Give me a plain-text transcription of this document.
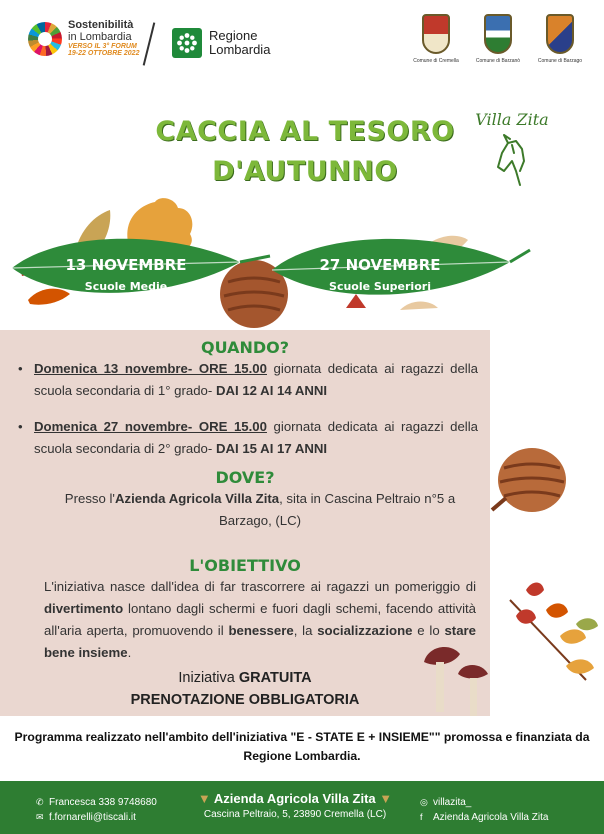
Sostenibilità
in Lombardia
VERSO IL 3° FORUM
19-22 OTTOBRE 2022
Regione
Lombardia
Comune di Cremella	Comune di Barzanò	Comune di Barzago
CACCIA AL TESORO
D'AUTUNNO
Villa Zita
13 NOVEMBRE
Scuole Medie
27 NOVEMBRE
Scuole Superiori
QUANDO?
• Domenica 13 novembre- ORE 15.00 giornata dedicata ai ragazzi della scuola secondaria di 1° grado- DAI 12 AI 14 ANNI
• Domenica 27 novembre- ORE 15.00 giornata dedicata ai ragazzi della scuola secondaria di 2° grado- DAI 15 AI 17 ANNI
DOVE?
Presso l'Azienda Agricola Villa Zita, sita in Cascina Peltraio n°5 a Barzago, (LC)
L'OBIETTIVO
L'iniziativa nasce dall'idea di far trascorrere ai ragazzi un pomeriggio di divertimento lontano dagli schermi e fuori dagli schemi, facendo attività all'aria aperta, promuovendo il benessere, la socializzazione e lo stare bene insieme.
Iniziativa GRATUITA
PRENOTAZIONE OBBLIGATORIA
Programma realizzato nell'ambito dell'iniziativa "E - STATE E + INSIEME"" promossa e finanziata da Regione Lombardia.
✆ Francesca 338 9748680
✉ f.fornarelli@tiscali.it
▼ Azienda Agricola Villa Zita ▼
Cascina Peltraio, 5, 23890 Cremella (LC)
◎ villazita_
f Azienda Agricola Villa Zita
